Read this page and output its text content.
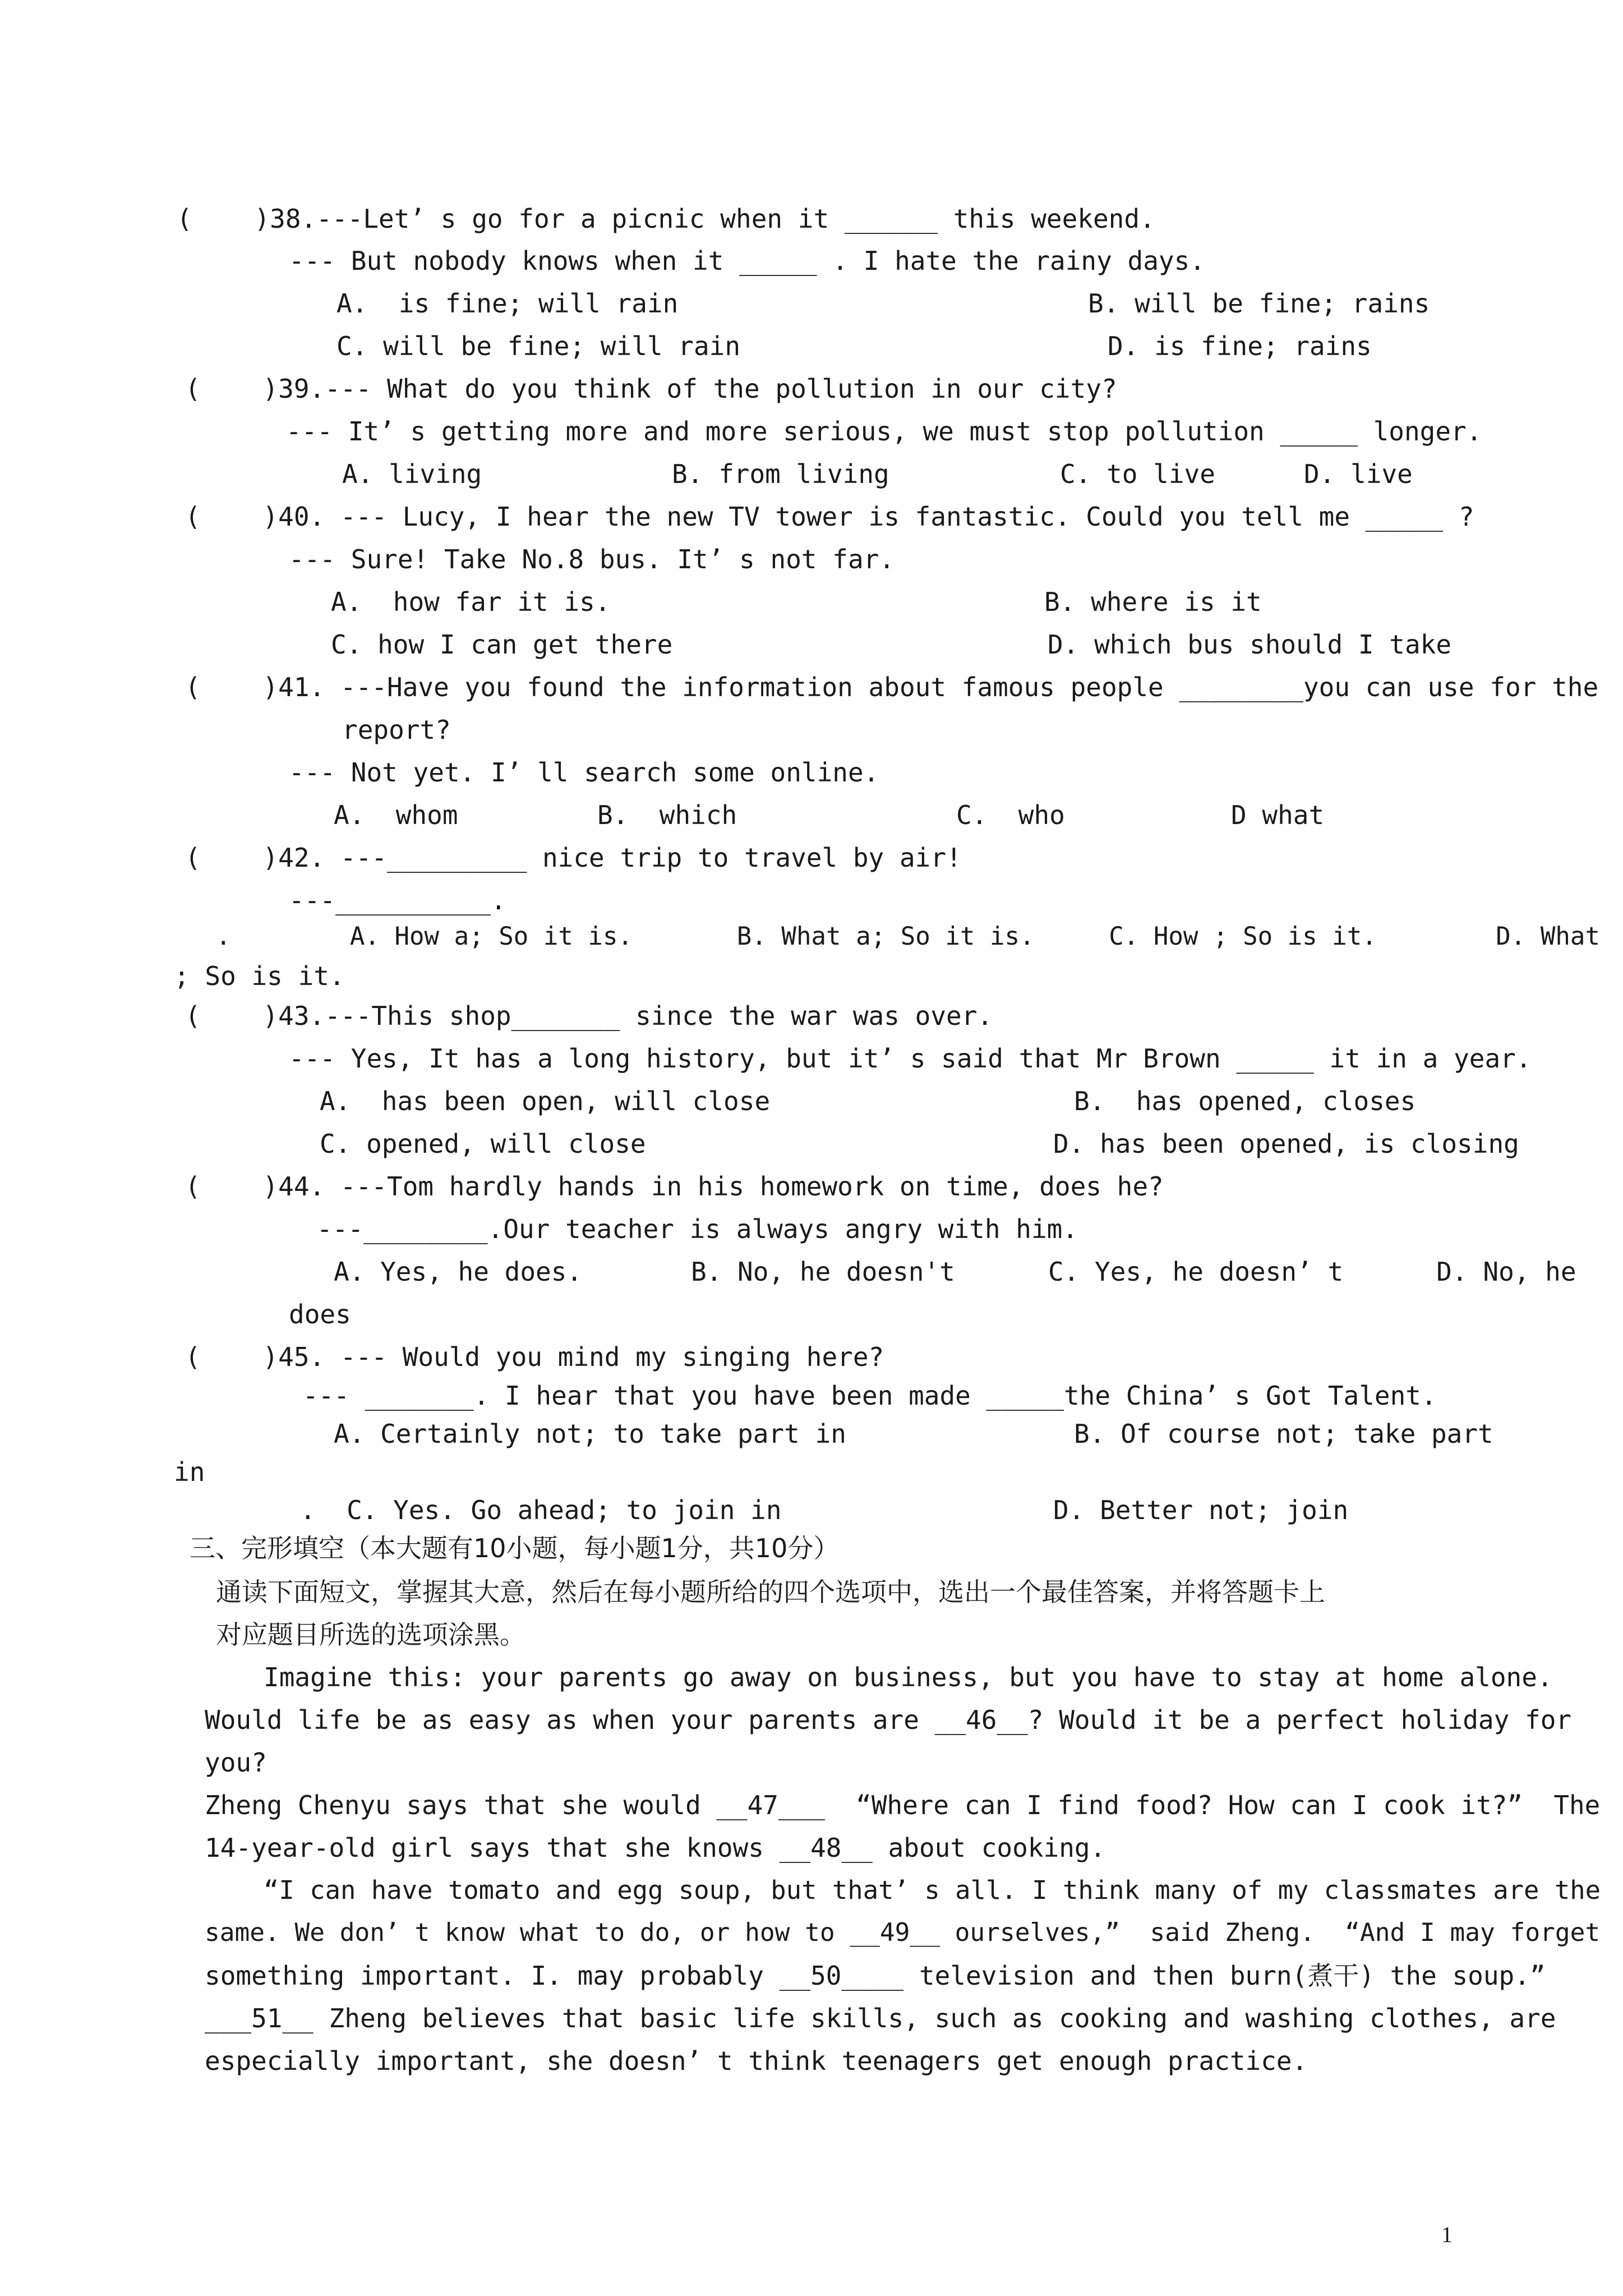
(    )38.---Let’ s go for a picnic when it ______ this weekend.
--- But nobody knows when it _____ . I hate the rainy days.
A.  is fine; will rain	B. will be fine; rains
C. will be fine; will rain	D. is fine; rains
(    )39.--- What do you think of the pollution in our city?
--- It’ s getting more and more serious, we must stop pollution _____ longer.
A. living	B. from living	C. to live	D. live
(    )40. --- Lucy, I hear the new TV tower is fantastic. Could you tell me _____ ?
--- Sure! Take No.8 bus. It’ s not far.
A.  how far it is.	B. where is it
C. how I can get there	D. which bus should I take
(    )41. ---Have you found the information about famous people ________you can use for the
report?
--- Not yet. I’ ll search some online.
A.  whom	B.  which	C.  who	D what
(    )42. ---_________ nice trip to travel by air!
---__________.
.        A. How a; So it is.       B. What a; So it is.     C. How ; So is it.        D. What
; So is it.
(    )43.---This shop_______ since the war was over.
--- Yes, It has a long history, but it’ s said that Mr Brown _____ it in a year.
A.  has been open, will close	B.  has opened, closes
C. opened, will close	D. has been opened, is closing
(    )44. ---Tom hardly hands in his homework on time, does he?
---________.Our teacher is always angry with him.
A. Yes, he does.       B. No, he doesn't      C. Yes, he doesn’ t      D. No, he
does
(    )45. --- Would you mind my singing here?
--- _______. I hear that you have been made _____the China’ s Got Talent.
A. Certainly not; to take part in	B. Of course not; take part
in
.  C. Yes. Go ahead; to join in	D. Better not; join
三、完形填空（本大题有10小题，每小题1分，共10分）
通读下面短文，掌握其大意，然后在每小题所给的四个选项中，选出一个最佳答案，并将答题卡上
对应题目所选的选项涂黑。
Imagine this: your parents go away on business, but you have to stay at home alone.
Would life be as easy as when your parents are __46__? Would it be a perfect holiday for
you?
Zheng Chenyu says that she would __47___  “Where can I find food? How can I cook it?”  The
14-year-old girl says that she knows __48__ about cooking.
“I can have tomato and egg soup, but that’ s all. I think many of my classmates are the
same. We don’ t know what to do, or how to __49__ ourselves,”  said Zheng.  “And I may forget
something important. I. may probably __50____ television and then burn(煮干) the soup.”
___51__ Zheng believes that basic life skills, such as cooking and washing clothes, are
especially important, she doesn’ t think teenagers get enough practice.
1
